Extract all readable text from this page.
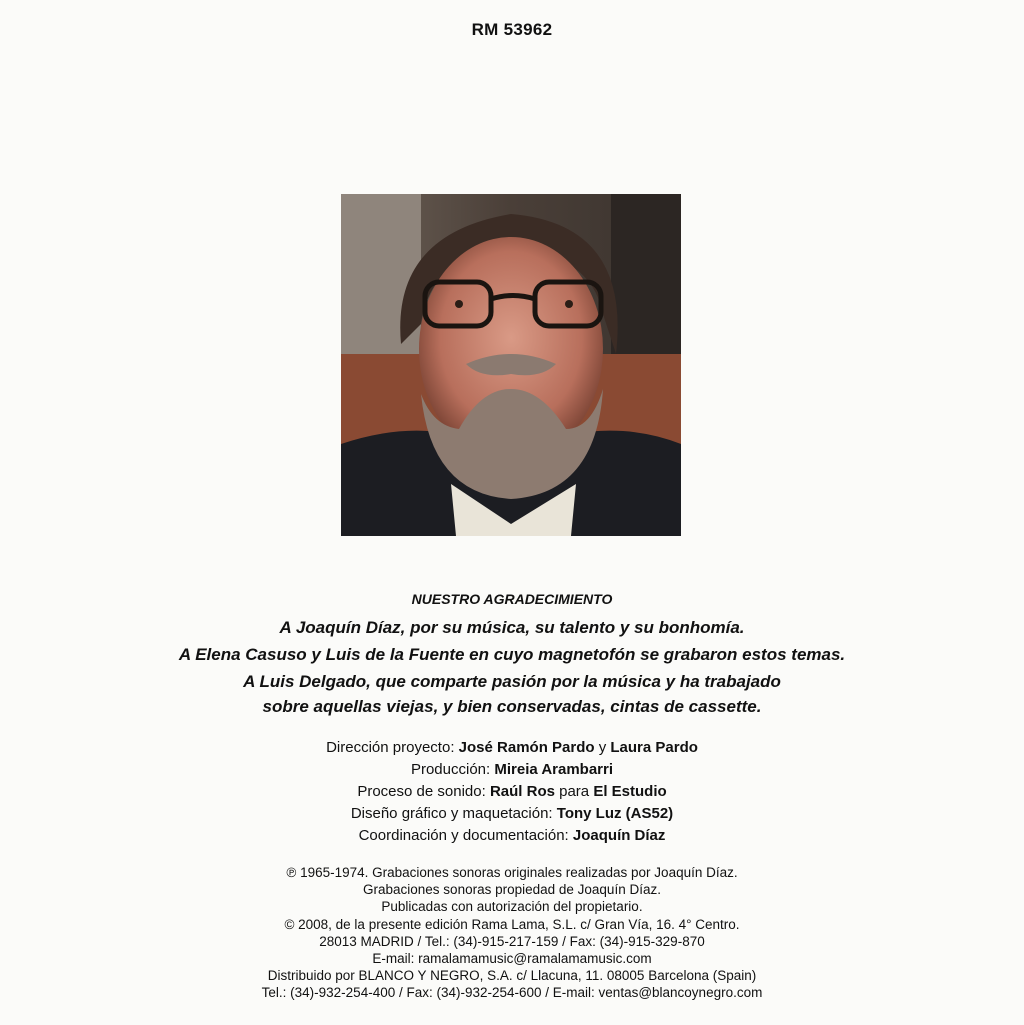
RM 53962
NUESTRO AGRADECIMIENTO
A Joaquín Díaz, por su música, su talento y su bonhomía.
A Elena Casuso y Luis de la Fuente en cuyo magnetofón se grabaron estos temas.
A Luis Delgado, que comparte pasión por la música y ha trabajado
sobre aquellas viejas, y bien conservadas, cintas de cassette.
Dirección proyecto: José Ramón Pardo y Laura Pardo
Producción: Mireia Arambarri
Proceso de sonido: Raúl Ros para El Estudio
Diseño gráfico y maquetación: Tony Luz (AS52)
Coordinación y documentación: Joaquín Díaz
℗ 1965-1974. Grabaciones sonoras originales realizadas por Joaquín Díaz.
Grabaciones sonoras propiedad de Joaquín Díaz.
Publicadas con autorización del propietario.
© 2008, de la presente edición Rama Lama, S.L. c/ Gran Vía, 16. 4° Centro.
28013 MADRID / Tel.: (34)-915-217-159 / Fax: (34)-915-329-870
E-mail: ramalamamusic@ramalamamusic.com
Distribuido por BLANCO Y NEGRO, S.A. c/ Llacuna, 11. 08005 Barcelona (Spain)
Tel.: (34)-932-254-400 / Fax: (34)-932-254-600 / E-mail: ventas@blancoynegro.com
